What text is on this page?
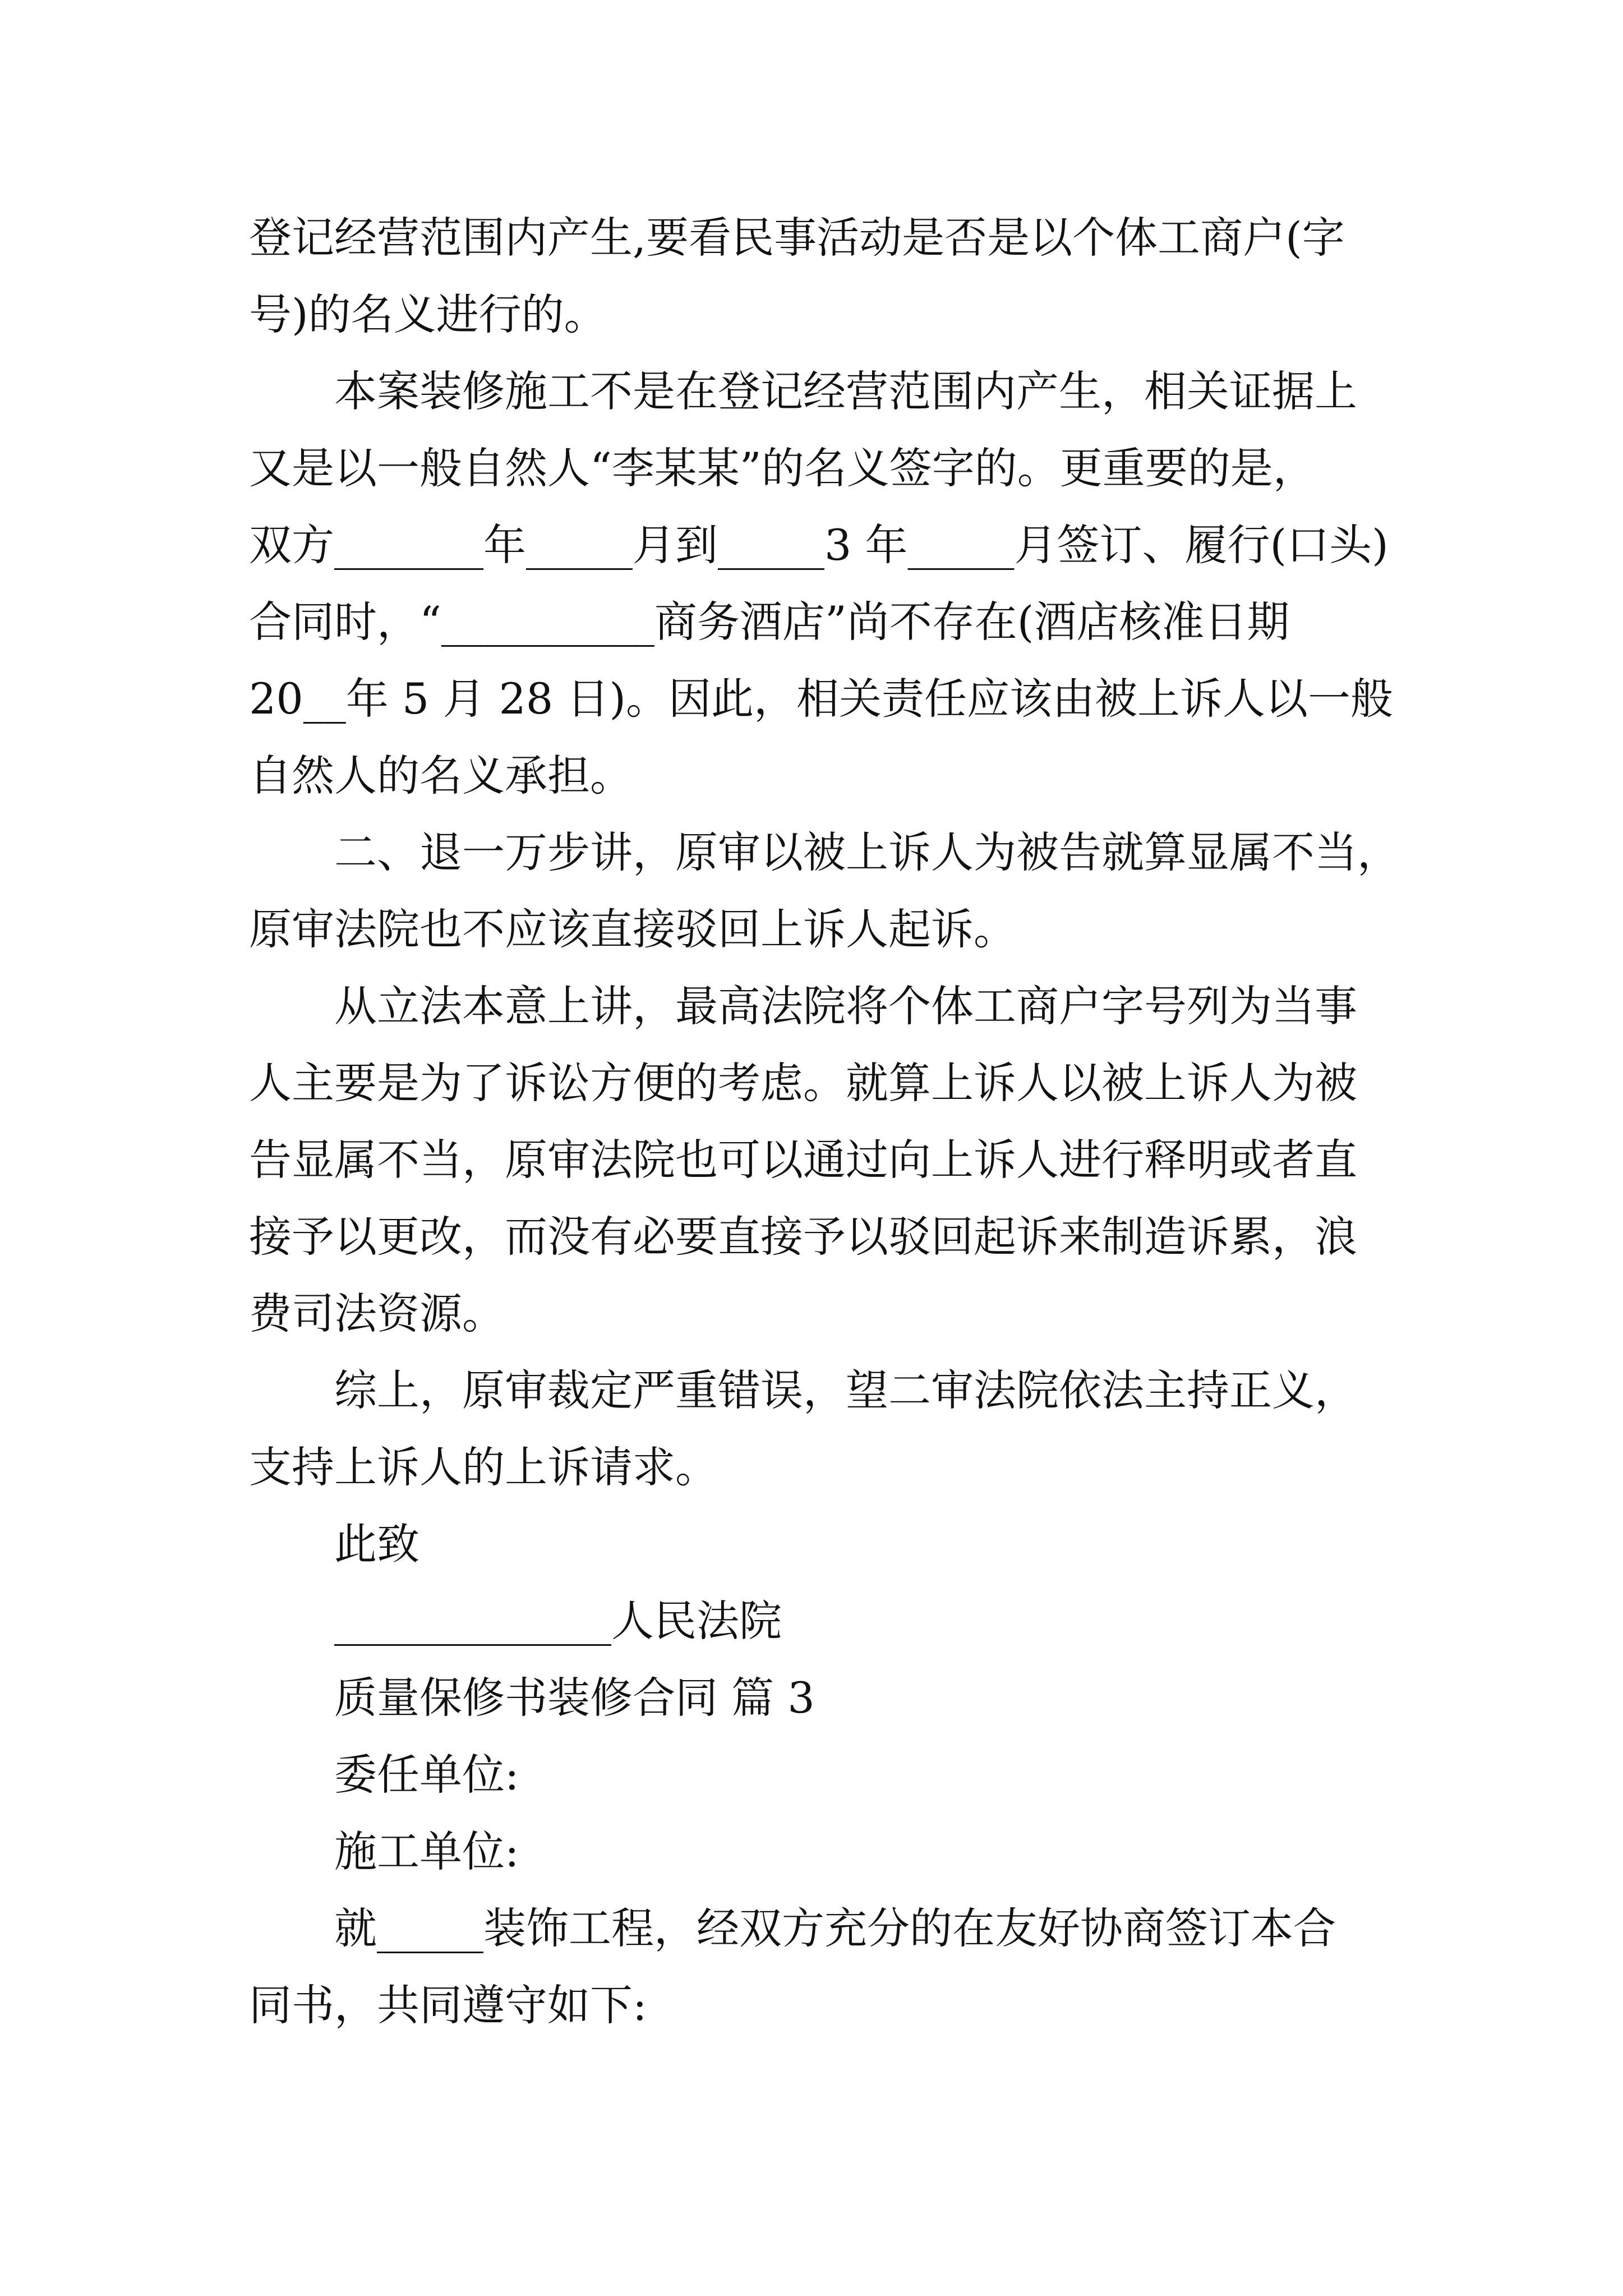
登记经营范围内产生,要看民事活动是否是以个体工商户(字
号)的名义进行的。
本案装修施工不是在登记经营范围内产生，相关证据上
又是以一般自然人“李某某”的名义签字的。更重要的是，
双方_______年_____月到_____3 年_____月签订、履行(口头)
合同时，“__________商务酒店”尚不存在(酒店核准日期
20__年 5 月 28 日)。因此，相关责任应该由被上诉人以一般
自然人的名义承担。
二、退一万步讲，原审以被上诉人为被告就算显属不当，
原审法院也不应该直接驳回上诉人起诉。
从立法本意上讲，最高法院将个体工商户字号列为当事
人主要是为了诉讼方便的考虑。就算上诉人以被上诉人为被
告显属不当，原审法院也可以通过向上诉人进行释明或者直
接予以更改，而没有必要直接予以驳回起诉来制造诉累，浪
费司法资源。
综上，原审裁定严重错误，望二审法院依法主持正义，
支持上诉人的上诉请求。
此致
_____________人民法院
质量保修书装修合同 篇 3
委任单位:
施工单位:
就_____装饰工程，经双方充分的在友好协商签订本合
同书，共同遵守如下:
